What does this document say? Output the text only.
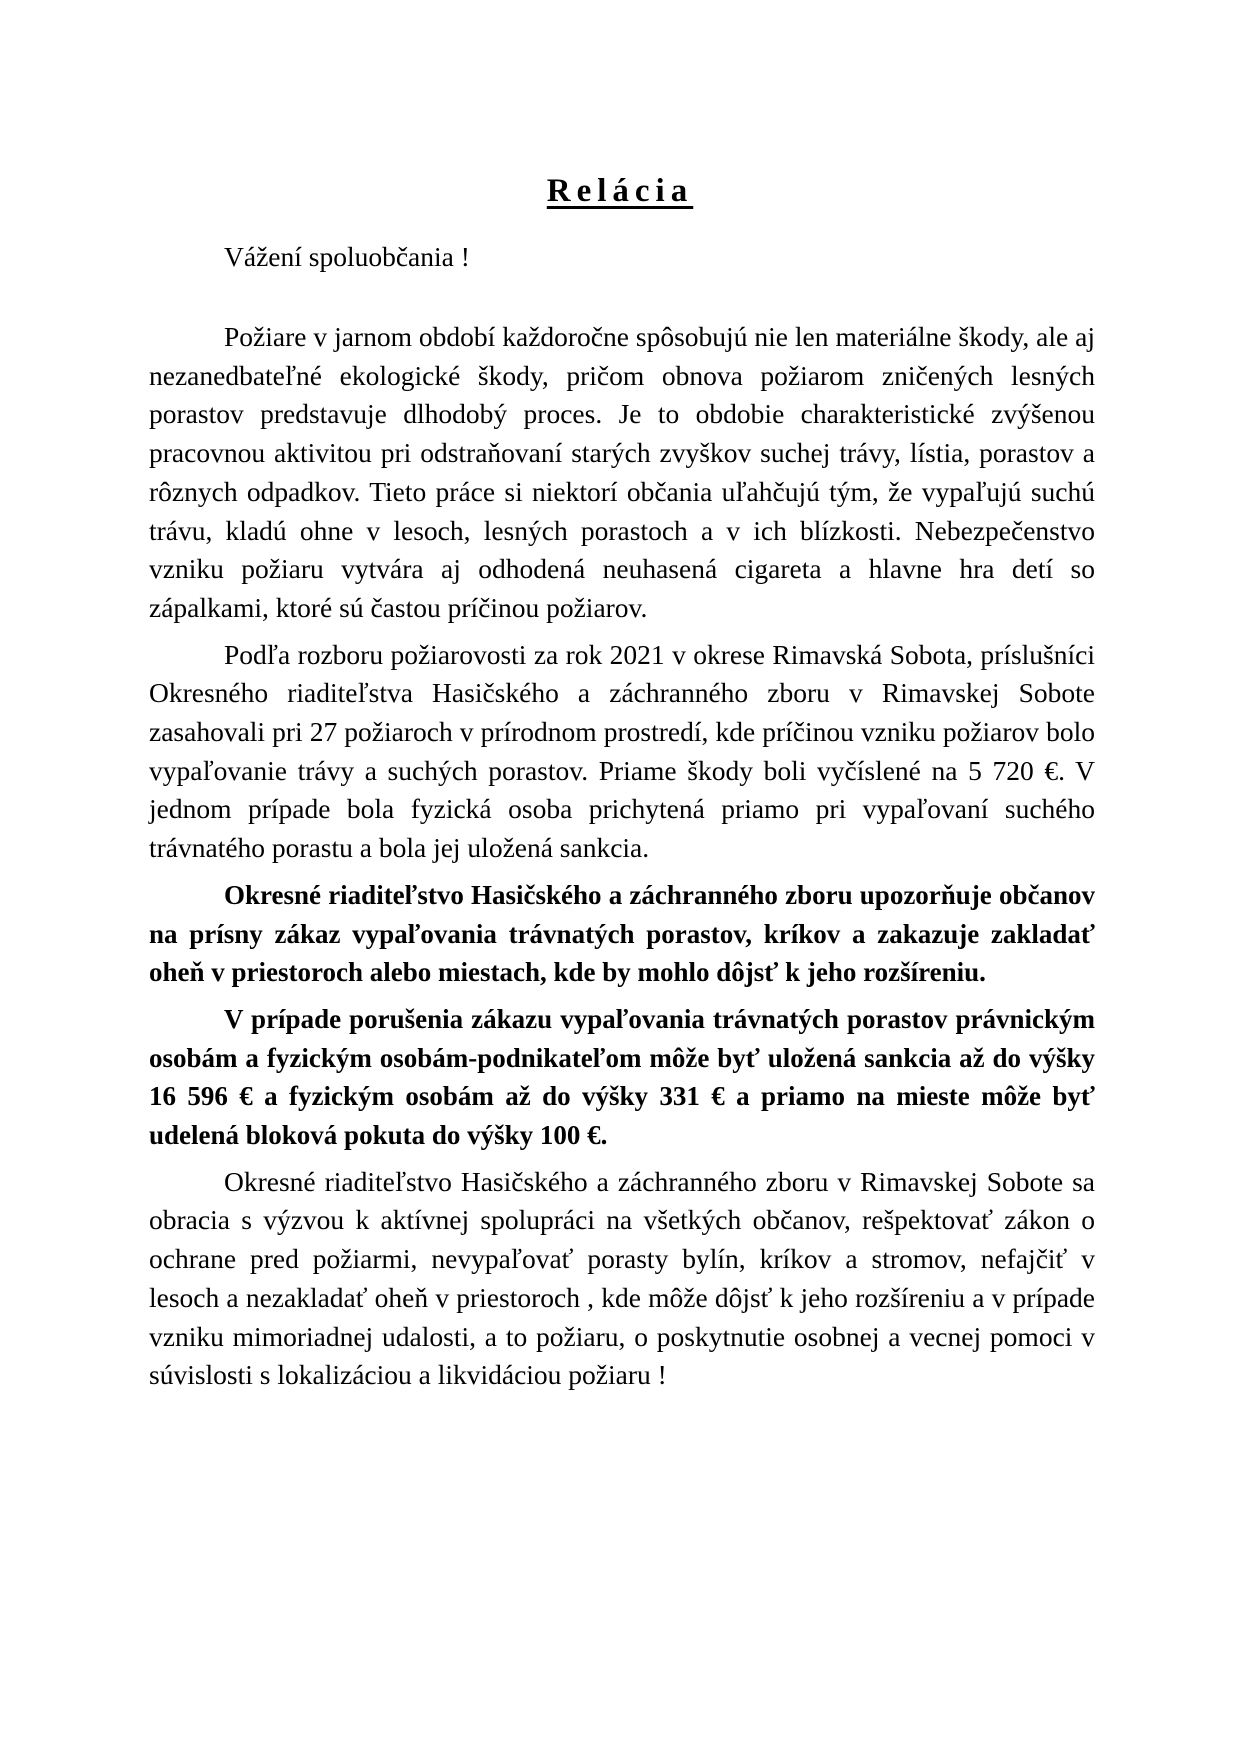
Relácia
Vážení spoluobčania !

Požiare v jarnom období každoročne spôsobujú nie len materiálne škody, ale aj nezanedbateľné ekologické škody, pričom obnova požiarom zničených lesných porastov predstavuje dlhodobý proces. Je to obdobie charakteristické zvýšenou pracovnou aktivitou pri odstraňovaní starých zvyškov suchej trávy, lístia, porastov a rôznych odpadkov. Tieto práce si niektorí občania uľahčujú tým, že vypaľujú suchú trávu, kladú ohne v lesoch, lesných porastoch a v ich blízkosti. Nebezpečenstvo vzniku požiaru vytvára aj odhodená neuhasená cigareta a hlavne hra detí so zápalkami, ktoré sú častou príčinou požiarov.

Podľa rozboru požiarovosti za rok 2021 v okrese Rimavská Sobota, príslušníci Okresného riaditeľstva Hasičského a záchranného zboru v Rimavskej Sobote zasahovali pri 27 požiaroch v prírodnom prostredí, kde príčinou vzniku požiarov bolo vypaľovanie trávy a suchých porastov. Priame škody boli vyčíslené na 5 720 €. V jednom prípade bola fyzická osoba prichytená priamo pri vypaľovaní suchého trávnatého porastu a bola jej uložená sankcia.

Okresné riaditeľstvo Hasičského a záchranného zboru upozorňuje občanov na prísny zákaz vypaľovania trávnatých porastov, kríkov a zakazuje zakladať oheň v priestoroch alebo miestach, kde by mohlo dôjsť k jeho rozšíreniu.

V prípade porušenia zákazu vypaľovania trávnatých porastov právnickým osobám a fyzickým osobám-podnikateľom môže byť uložená sankcia až do výšky 16 596 € a fyzickým osobám až do výšky 331 € a priamo na mieste môže byť udelená bloková pokuta do výšky 100 €.

Okresné riaditeľstvo Hasičského a záchranného zboru v Rimavskej Sobote sa obracia s výzvou k aktívnej spolupráci na všetkých občanov, rešpektovať zákon o ochrane pred požiarmi, nevypaľovať porasty bylín, kríkov a stromov, nefajčiť v lesoch a nezakladať oheň v priestoroch , kde môže dôjsť k jeho rozšíreniu a v prípade vzniku mimoriadnej udalosti, a to požiaru, o poskytnutie osobnej a vecnej pomoci v súvislosti s lokalizáciou a likvidáciou požiaru !
